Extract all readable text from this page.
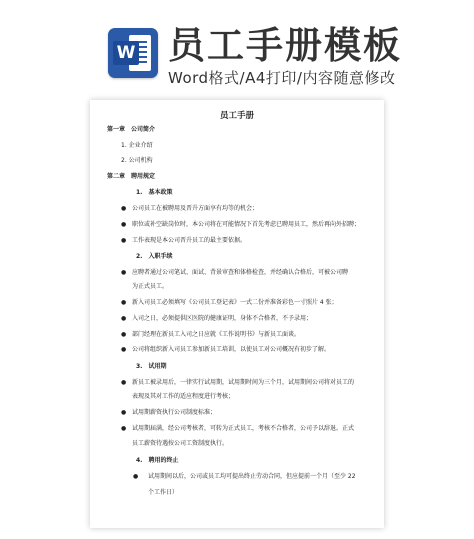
W 员工手册模板
Word格式/A4打印/内容随意修改
员工手册
第一章　公司简介
1. 企业介绍
2. 公司机构
第二章　聘用规定
1.　基本政策
● 公司员工在被聘用及晋升方面享有均等的机会；
● 职位或补空缺岗位时，本公司将在可能情况下首先考虑已聘用员工，然后再向外招聘；
● 工作表现是本公司晋升员工的最主要依据。
2.　入职手续
● 应聘者通过公司笔试、面试、背景审查和体格检查，并经确认合格后，可被公司聘
为正式员工。
● 新入司员工必须填写《公司员工登记表》一式二份并准备彩色一寸照片 4 张；
● 入司之日，必须提供区医院的健康证明，身体不合格者，不予录用；
● 部门经理在新员工入司之日应就《工作说明书》与新员工面谈。
● 公司将组织新入司员工参加新员工培训，以使员工对公司概况有初步了解。
3.　试用期
● 新员工被录用后，一律实行试用期，试用期时间为三个月，试用期间公司将对员工的
表现及其对工作的适应程度进行考核；
● 试用期薪资执行公司制度标准；
● 试用期届满，经公司考核者，可转为正式员工，考核不合格者，公司予以辞退。正式
员工薪资待遇按公司工资制度执行。
4.　聘用的终止
● 试用期间以后，公司或员工均可提出终止劳动合同，但应提前一个月（至少 22
个工作日）
